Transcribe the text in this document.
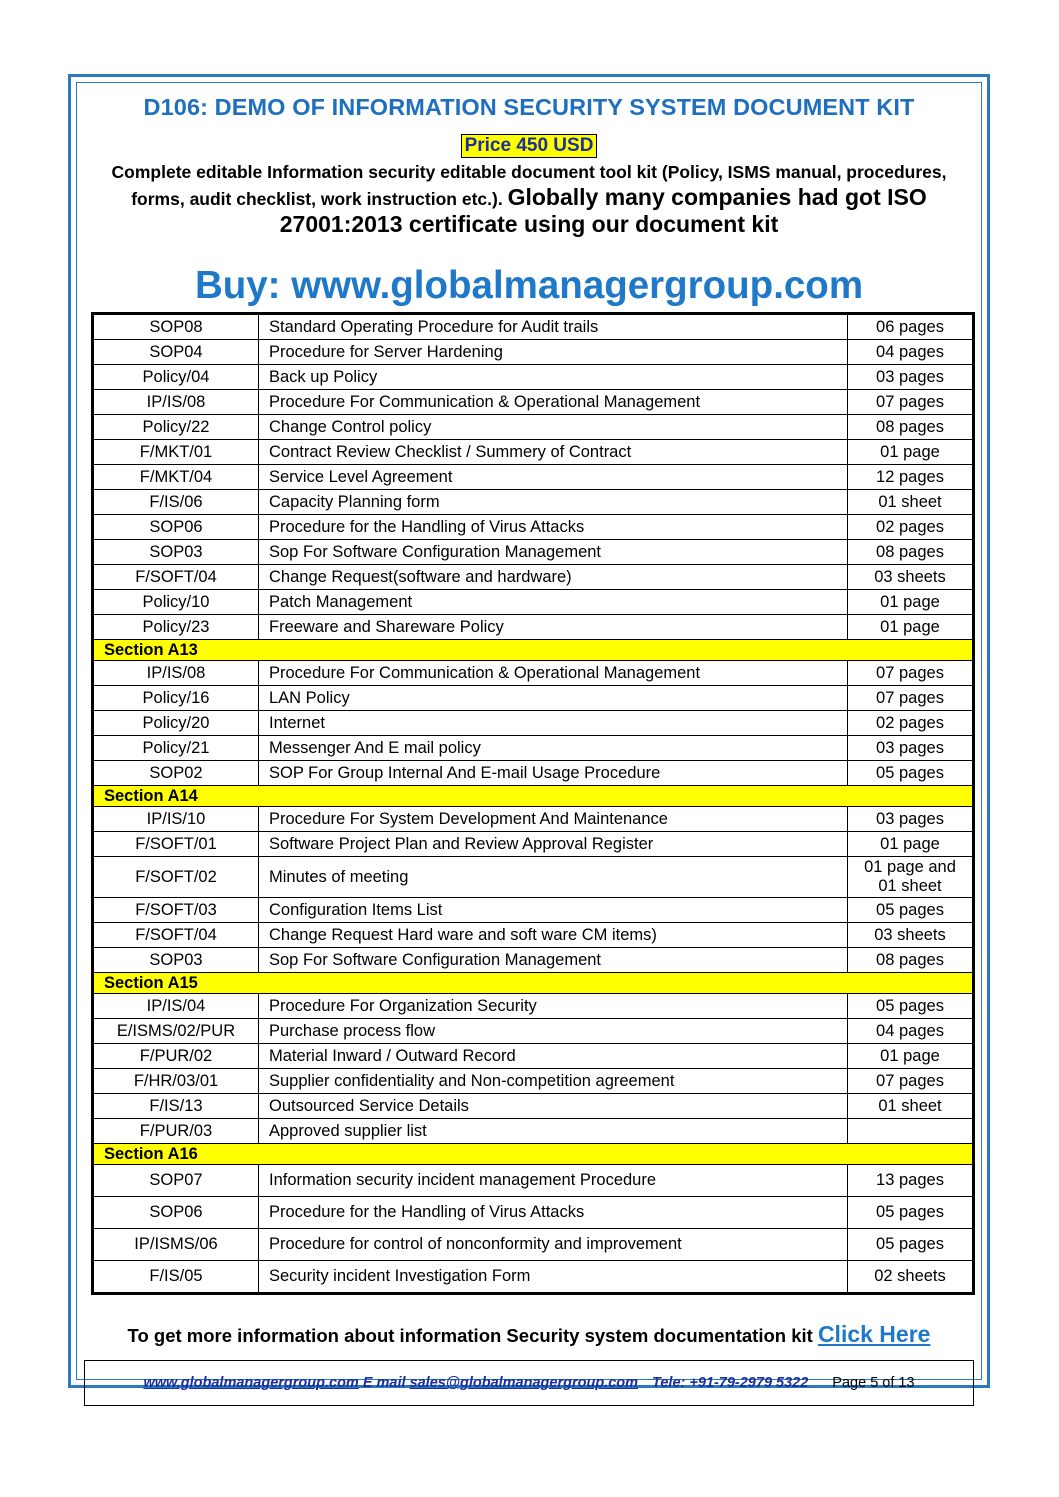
D106: DEMO OF INFORMATION SECURITY SYSTEM DOCUMENT KIT
Price 450 USD
Complete editable Information security editable document tool kit (Policy, ISMS manual, procedures, forms, audit checklist, work instruction etc.). Globally many companies had got ISO 27001:2013 certificate using our document kit
Buy: www.globalmanagergroup.com
SOP08	Standard Operating Procedure for Audit trails	06 pages
SOP04	Procedure for Server Hardening	04 pages
Policy/04	Back up Policy	03 pages
IP/IS/08	Procedure For Communication & Operational Management	07 pages
Policy/22	Change Control policy	08 pages
F/MKT/01	Contract Review Checklist / Summery of Contract	01 page
F/MKT/04	Service Level Agreement	12 pages
F/IS/06	Capacity Planning form	01 sheet
SOP06	Procedure for the Handling of Virus Attacks	02 pages
SOP03	Sop For Software Configuration Management	08 pages
F/SOFT/04	Change Request(software and hardware)	03 sheets
Policy/10	Patch Management	01 page
Policy/23	Freeware and Shareware Policy	01 page
Section A13		
IP/IS/08	Procedure For Communication & Operational Management	07 pages
Policy/16	LAN Policy	07 pages
Policy/20	Internet	02 pages
Policy/21	Messenger And E mail policy	03 pages
SOP02	SOP For Group Internal And E-mail Usage Procedure	05 pages
Section A14		
IP/IS/10	Procedure For System Development And Maintenance	03 pages
F/SOFT/01	Software Project Plan and Review Approval Register	01 page
F/SOFT/02	Minutes of meeting	01 page and 01 sheet
F/SOFT/03	Configuration Items List	05 pages
F/SOFT/04	Change Request Hard ware and soft ware CM items)	03 sheets
SOP03	Sop For Software Configuration Management	08 pages
Section A15		
IP/IS/04	Procedure For Organization Security	05 pages
E/ISMS/02/PUR	Purchase process flow	04 pages
F/PUR/02	Material Inward / Outward Record	01 page
F/HR/03/01	Supplier confidentiality and Non-competition agreement	07 pages
F/IS/13	Outsourced Service Details	01 sheet
F/PUR/03	Approved supplier list	
Section A16		
SOP07	Information security incident management Procedure	13 pages
SOP06	Procedure for the Handling of Virus Attacks	05 pages
IP/ISMS/06	Procedure for control of nonconformity and improvement	05 pages
F/IS/05	Security incident Investigation Form	02 sheets
To get more information about information Security system documentation kit Click Here
www.globalmanagergroup.com E mail sales@globalmanagergroup.com Tele: +91-79-2979 5322 Page 5 of 13
